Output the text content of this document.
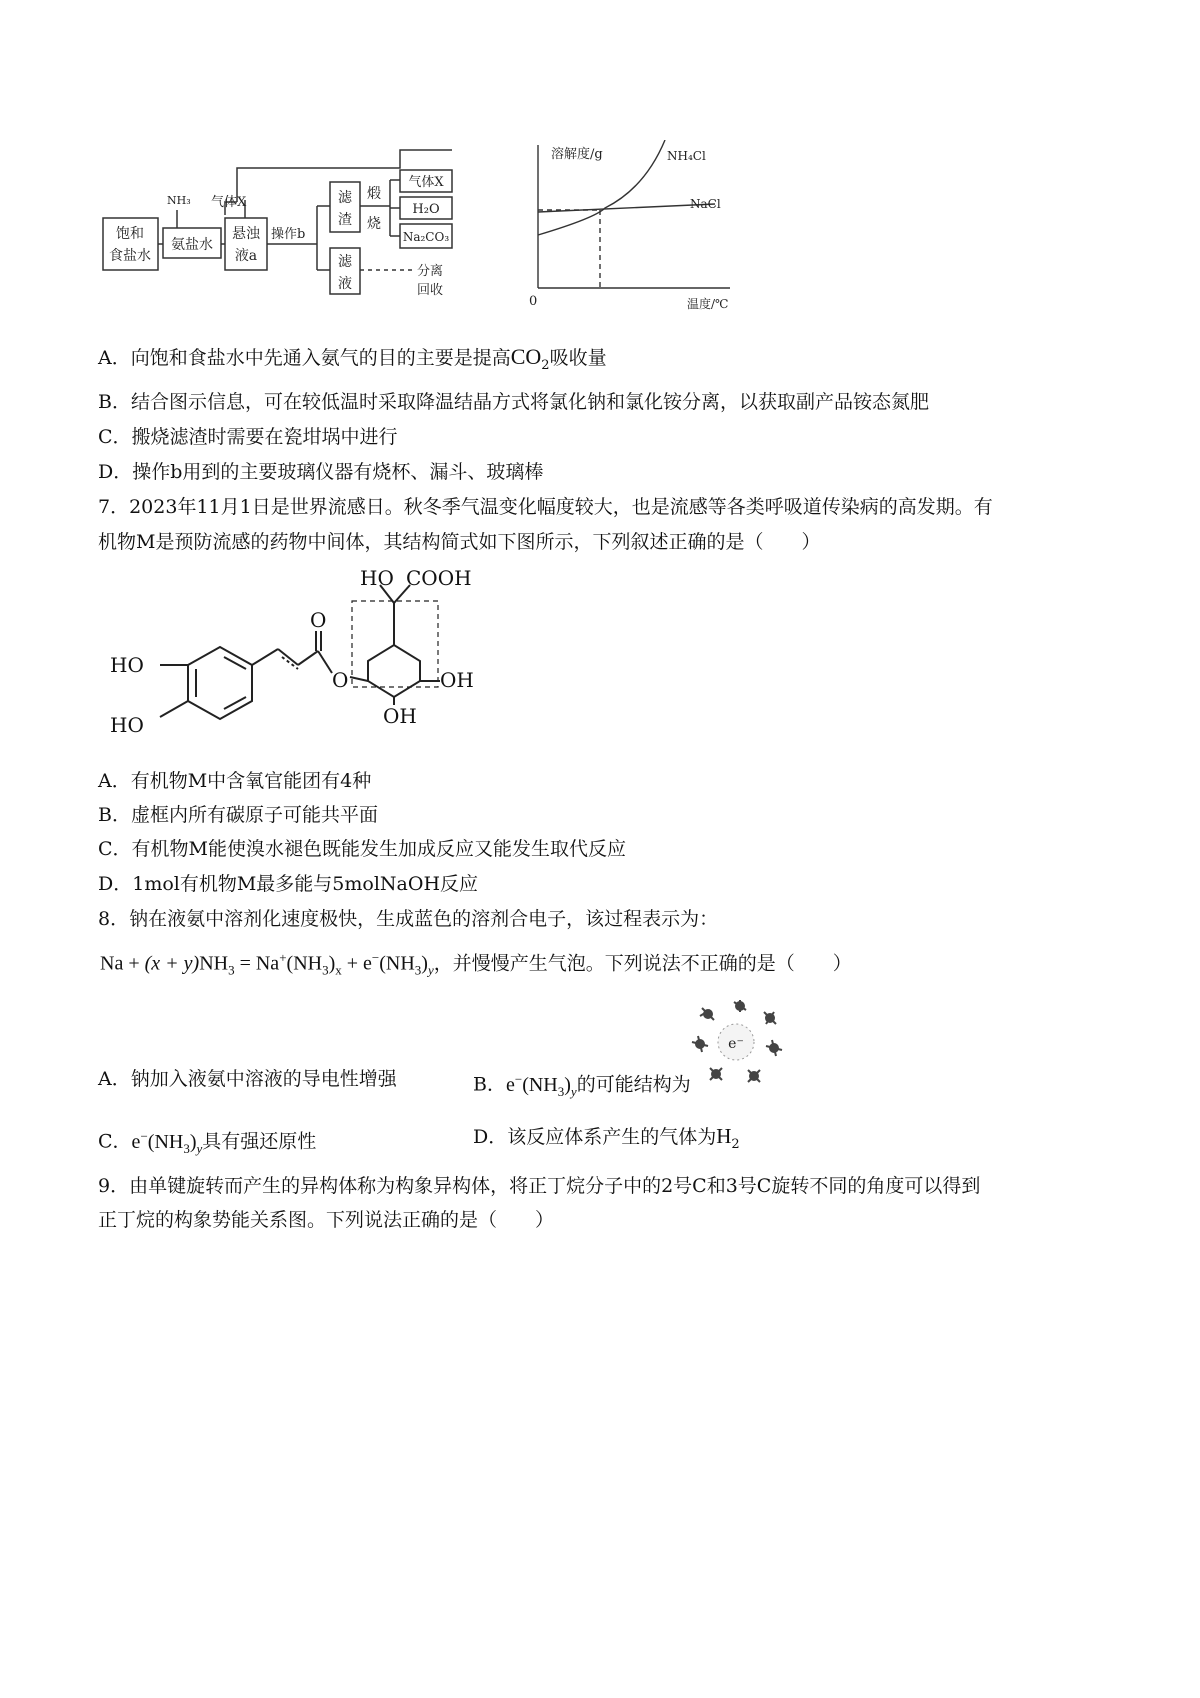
饱和
食盐水
NH₃ 气体X
氨盐水
悬浊
液a
操作b
滤
渣
煅
烧
气体X
H₂O
Na₂CO₃
滤
液
分离
回收
溶解度/g	NH₄Cl
NaCl
0	温度/℃
A．向饱和食盐水中先通入氨气的目的主要是提高$CO_2$吸收量
B．结合图示信息，可在较低温时采取降温结晶方式将氯化钠和氯化铵分离，以获取副产品铵态氮肥
C．搬烧滤渣时需要在瓷坩埚中进行
D．操作b用到的主要玻璃仪器有烧杯、漏斗、玻璃棒
7．2023年11月1日是世界流感日。秋冬季气温变化幅度较大，也是流感等各类呼吸道传染病的高发期。有
机物M是预防流感的药物中间体，其结构简式如下图所示，下列叙述正确的是（　　）
HO COOH
O
O	OH
OH
HO
HO
A．有机物M中含氧官能团有4种
B．虚框内所有碳原子可能共平面
C．有机物M能使溴水褪色既能发生加成反应又能发生取代反应
D．1mol有机物M最多能与5molNaOH反应
8．钠在液氨中溶剂化速度极快，生成蓝色的溶剂合电子，该过程表示为：
$Na + (x + y)NH_3 = Na^+(NH_3)_x + e^-(NH_3)_y$，并慢慢产生气泡。下列说法不正确的是（　　）
e⁻
A．钠加入液氨中溶液的导电性增强	B．$e^-(NH_3)_y$的可能结构为
C．$e^-(NH_3)_y$具有强还原性	D．该反应体系产生的气体为$H_2$
9．由单键旋转而产生的异构体称为构象异构体，将正丁烷分子中的2号C和3号C旋转不同的角度可以得到
正丁烷的构象势能关系图。下列说法正确的是（　　）
